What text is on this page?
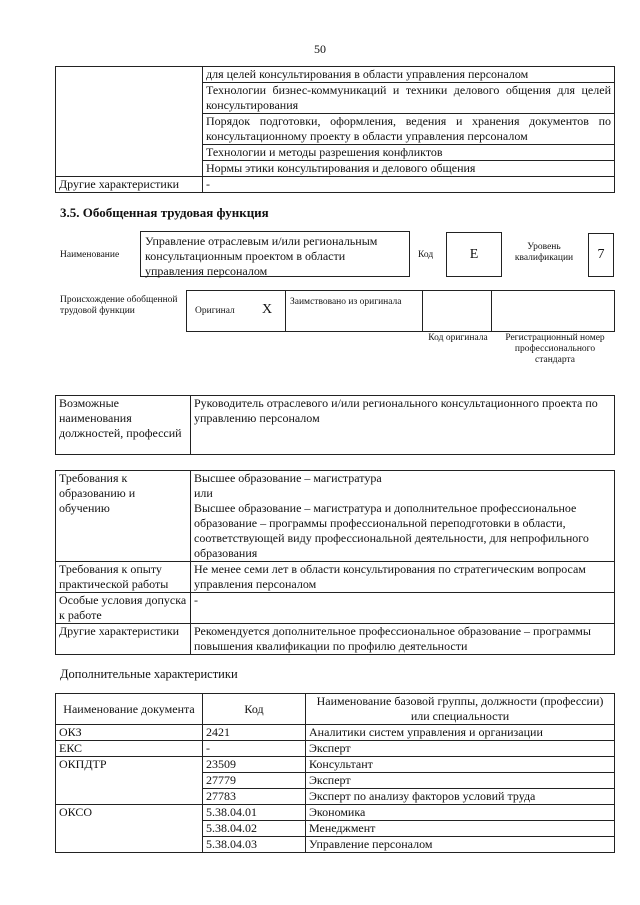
50
	для целей консультирования в области управления персоналом
	Технологии бизнес-коммуникаций и техники делового общения для целей консультирования
	Порядок подготовки, оформления, ведения и хранения документов по консультационному проекту в области управления персоналом
	Технологии и методы разрешения конфликтов
	Нормы этики консультирования и делового общения
Другие характеристики	-
3.5. Обобщенная трудовая функция
Наименование
Управление отраслевым и/или региональным консультационным проектом в области управления персоналом
Код	E	Уровень квалификации	7
Происхождение обобщенной трудовой функции	Оригинал X	Заимствовано из оригинала
Код оригинала	Регистрационный номер профессионального стандарта
Возможные наименования должностей, профессий	Руководитель отраслевого и/или регионального консультационного проекта по управлению персоналом
Требования к образованию и обучению	Высшее образование – магистратура
или
Высшее образование – магистратура и дополнительное профессиональное образование – программы профессиональной переподготовки в области, соответствующей виду профессиональной деятельности, для непрофильного образования

Требования к опыту практической работы	Не менее семи лет в области консультирования по стратегическим вопросам управления персоналом
Особые условия допуска к работе	-
Другие характеристики	Рекомендуется дополнительное профессиональное образование – программы повышения квалификации по профилю деятельности
Дополнительные характеристики
Наименование документа	Код	Наименование базовой группы, должности (профессии) или специальности
ОКЗ	2421	Аналитики систем управления и организации
ЕКС	-	Эксперт
ОКПДТР	23509	Консультант
	27779	Эксперт
	27783	Эксперт по анализу факторов условий труда
ОКСО	5.38.04.01	Экономика
	5.38.04.02	Менеджмент
	5.38.04.03	Управление персоналом
